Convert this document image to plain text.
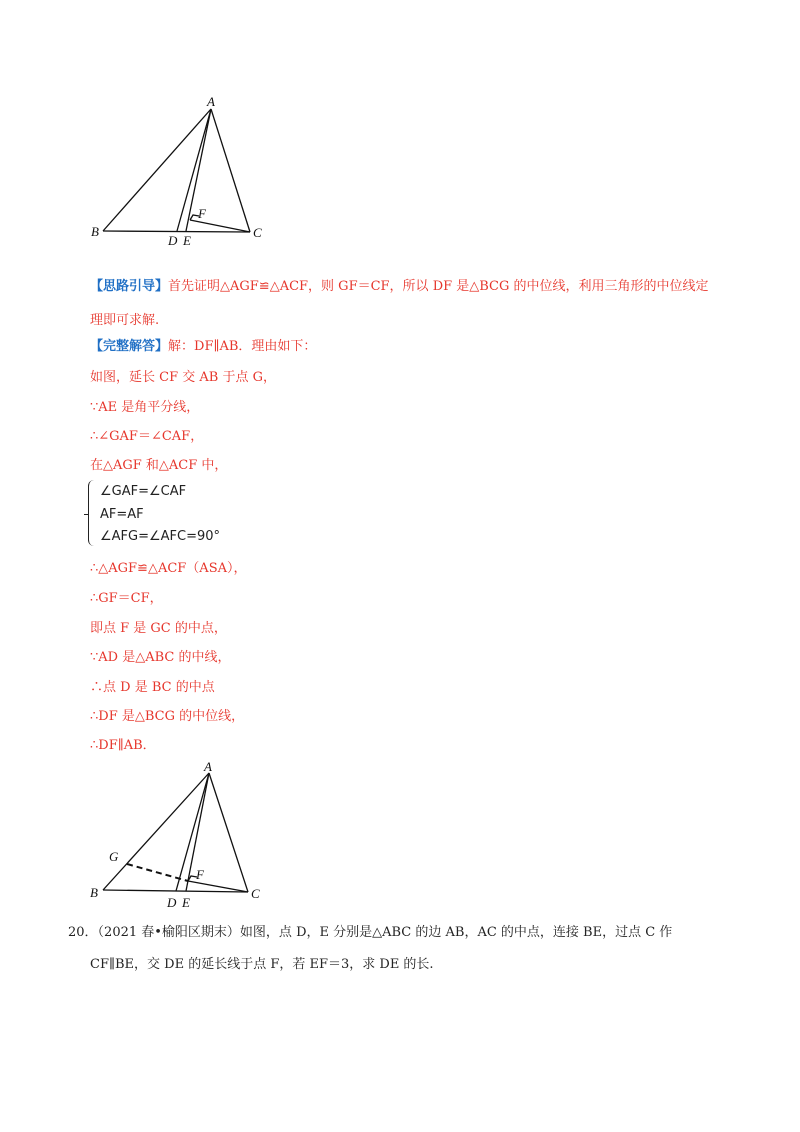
A
B	C
D E
F
【思路引导】首先证明△AGF≌△ACF，则 GF＝CF，所以 DF 是△BCG 的中位线，利用三角形的中位线定
理即可求解.
【完整解答】解：DF∥AB．理由如下：
如图，延长 CF 交 AB 于点 G，
∵AE 是角平分线，
∴∠GAF＝∠CAF，
在△AGF 和△ACF 中，
∠GAF=∠CAF
AF=AF
∠AFG=∠AFC=90°
∴△AGF≌△ACF（ASA），
∴GF＝CF，
即点 F 是 GC 的中点，
∵AD 是△ABC 的中线，
∴点 D 是 BC 的中点
∴DF 是△BCG 的中位线，
∴DF∥AB．
A
B	C
D E
F
G
20．（2021 春•榆阳区期末）如图，点 D，E 分别是△ABC 的边 AB，AC 的中点，连接 BE，过点 C 作
CF∥BE，交 DE 的延长线于点 F，若 EF＝3，求 DE 的长.
